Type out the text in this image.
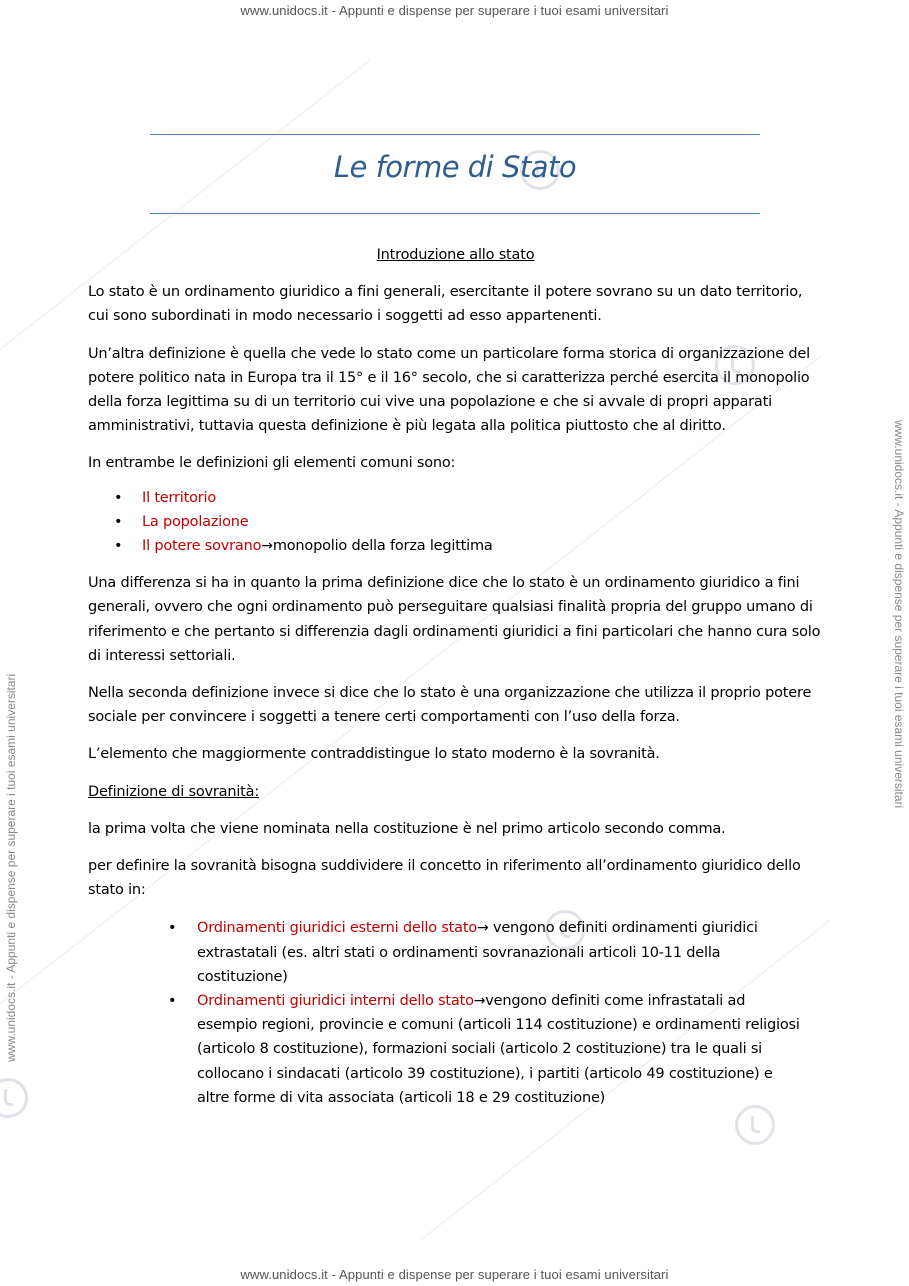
www.unidocs.it - Appunti e dispense per superare i tuoi esami universitari
www.unidocs.it - Appunti e dispense per superare i tuoi esami universitari
www.unidocs.it - Appunti e dispense per superare i tuoi esami universitari
www.unidocs.it - Appunti e dispense per superare i tuoi esami universitari
Le forme di Stato

Introduzione allo stato

Lo stato è un ordinamento giuridico a fini generali, esercitante il potere sovrano su un dato territorio, cui sono subordinati in modo necessario i soggetti ad esso appartenenti.

Un’altra definizione è quella che vede lo stato come un particolare forma storica di organizzazione del potere politico nata in Europa tra il 15° e il 16° secolo, che si caratterizza perché esercita il monopolio della forza legittima su di un territorio cui vive una popolazione e che si avvale di propri apparati amministrativi, tuttavia questa definizione è più legata alla politica piuttosto che al diritto.

In entrambe le definizioni gli elementi comuni sono:

• Il territorio
• La popolazione
• Il potere sovrano→monopolio della forza legittima

Una differenza si ha in quanto la prima definizione dice che lo stato è un ordinamento giuridico a fini generali, ovvero che ogni ordinamento può perseguitare qualsiasi finalità propria del gruppo umano di riferimento e che pertanto si differenzia dagli ordinamenti giuridici a fini particolari che hanno cura solo di interessi settoriali.

Nella seconda definizione invece si dice che lo stato è una organizzazione che utilizza il proprio potere sociale per convincere i soggetti a tenere certi comportamenti con l’uso della forza.

L’elemento che maggiormente contraddistingue lo stato moderno è la sovranità.

Definizione di sovranità:

la prima volta che viene nominata nella costituzione è nel primo articolo secondo comma.

per definire la sovranità bisogna suddividere il concetto in riferimento all’ordinamento giuridico dello stato in:

• Ordinamenti giuridici esterni dello stato→ vengono definiti ordinamenti giuridici extrastatali (es. altri stati o ordinamenti sovranazionali articoli 10-11 della costituzione)
• Ordinamenti giuridici interni dello stato→vengono definiti come infrastatali ad esempio regioni, provincie e comuni (articoli 114 costituzione) e ordinamenti religiosi (articolo 8 costituzione), formazioni sociali (articolo 2 costituzione) tra le quali si collocano i sindacati (articolo 39 costituzione), i partiti (articolo 49 costituzione) e altre forme di vita associata (articoli 18 e 29 costituzione)
